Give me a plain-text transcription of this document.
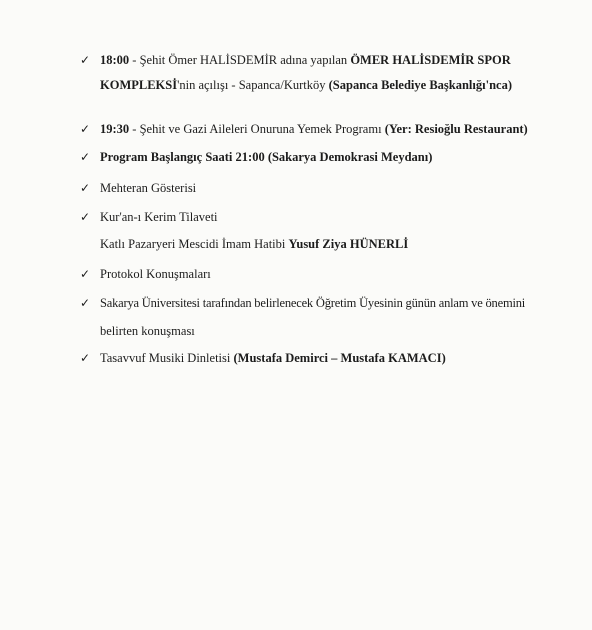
✓ 18:00 - Şehit Ömer HALİSDEMİR adına yapılan ÖMER HALİSDEMİR SPOR
KOMPLEKSİ'nin açılışı - Sapanca/Kurtköy (Sapanca Belediye Başkanlığı'nca)
✓ 19:30 - Şehit ve Gazi Aileleri Onuruna Yemek Programı (Yer: Resioğlu Restaurant)
✓ Program Başlangıç Saati 21:00 (Sakarya Demokrasi Meydanı)
✓ Mehteran Gösterisi
✓ Kur'an-ı Kerim Tilaveti
Katlı Pazaryeri Mescidi İmam Hatibi Yusuf Ziya HÜNERLİ
✓ Protokol Konuşmaları
✓ Sakarya Üniversitesi tarafından belirlenecek Öğretim Üyesinin günün anlam ve önemini
belirten konuşması
✓ Tasavvuf Musiki Dinletisi (Mustafa Demirci – Mustafa KAMACI)
